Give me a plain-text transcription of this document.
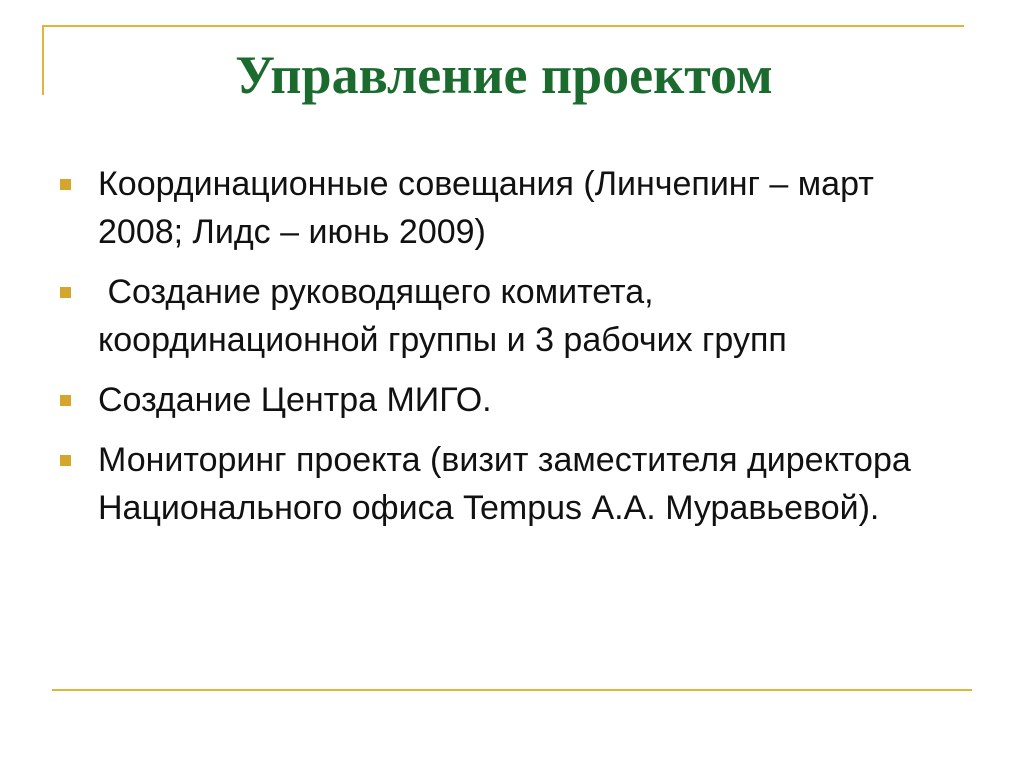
Управление проектом
Координационные совещания (Линчепинг – март 2008; Лидс – июнь 2009)
Создание руководящего комитета, координационной группы и 3 рабочих групп
Создание Центра МИГО.
Мониторинг проекта (визит заместителя директора Национального офиса Tempus А.А. Муравьевой).
